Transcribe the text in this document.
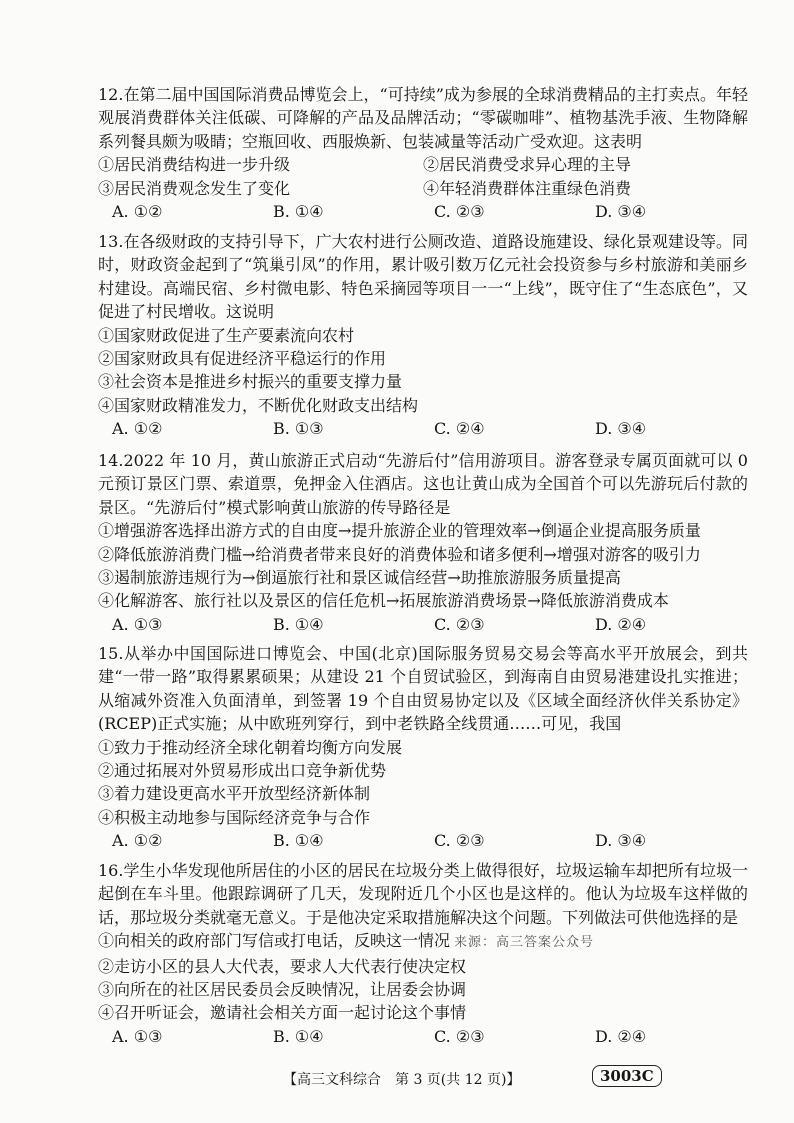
12.在第二届中国国际消费品博览会上，“可持续”成为参展的全球消费精品的主打卖点。年轻观展消费群体关注低碳、可降解的产品及品牌活动；“零碳咖啡”、植物基洗手液、生物降解系列餐具颇为吸睛；空瓶回收、西服焕新、包装减量等活动广受欢迎。这表明

①居民消费结构进一步升级	②居民消费受求异心理的主导
③居民消费观念发生了变化	④年轻消费群体注重绿色消费
A. ①②	B. ①④	C. ②③	D. ③④

13.在各级财政的支持引导下，广大农村进行公厕改造、道路设施建设、绿化景观建设等。同时，财政资金起到了“筑巢引凤”的作用，累计吸引数万亿元社会投资参与乡村旅游和美丽乡村建设。高端民宿、乡村微电影、特色采摘园等项目一一“上线”，既守住了“生态底色”，又促进了村民增收。这说明

①国家财政促进了生产要素流向农村

②国家财政具有促进经济平稳运行的作用

③社会资本是推进乡村振兴的重要支撑力量

④国家财政精准发力，不断优化财政支出结构

A. ①②	B. ①③	C. ②④	D. ③④

14.2022 年 10 月，黄山旅游正式启动“先游后付”信用游项目。游客登录专属页面就可以 0 元预订景区门票、索道票，免押金入住酒店。这也让黄山成为全国首个可以先游玩后付款的景区。“先游后付”模式影响黄山旅游的传导路径是

①增强游客选择出游方式的自由度→提升旅游企业的管理效率→倒逼企业提高服务质量

②降低旅游消费门槛→给消费者带来良好的消费体验和诸多便利→增强对游客的吸引力

③遏制旅游违规行为→倒逼旅行社和景区诚信经营→助推旅游服务质量提高

④化解游客、旅行社以及景区的信任危机→拓展旅游消费场景→降低旅游消费成本

A. ①③	B. ①④	C. ②③	D. ②④

15.从举办中国国际进口博览会、中国(北京)国际服务贸易交易会等高水平开放展会，到共建“一带一路”取得累累硕果；从建设 21 个自贸试验区，到海南自由贸易港建设扎实推进；从缩减外资准入负面清单，到签署 19 个自由贸易协定以及《区域全面经济伙伴关系协定》(RCEP)正式实施；从中欧班列穿行，到中老铁路全线贯通……可见，我国

①致力于推动经济全球化朝着均衡方向发展

②通过拓展对外贸易形成出口竞争新优势

③着力建设更高水平开放型经济新体制

④积极主动地参与国际经济竞争与合作

A. ①②	B. ①④	C. ②③	D. ③④

16.学生小华发现他所居住的小区的居民在垃圾分类上做得很好，垃圾运输车却把所有垃圾一起倒在车斗里。他跟踪调研了几天，发现附近几个小区也是这样的。他认为垃圾车这样做的话，那垃圾分类就毫无意义。于是他决定采取措施解决这个问题。下列做法可供他选择的是

①向相关的政府部门写信或打电话，反映这一情况 来源：高三答案公众号

②走访小区的县人大代表，要求人大代表行使决定权

③向所在的社区居民委员会反映情况，让居委会协调

④召开听证会，邀请社会相关方面一起讨论这个事情

A. ①③	B. ①④	C. ②③	D. ②④
【高三文科综合　第 3 页(共 12 页)】	3003C
